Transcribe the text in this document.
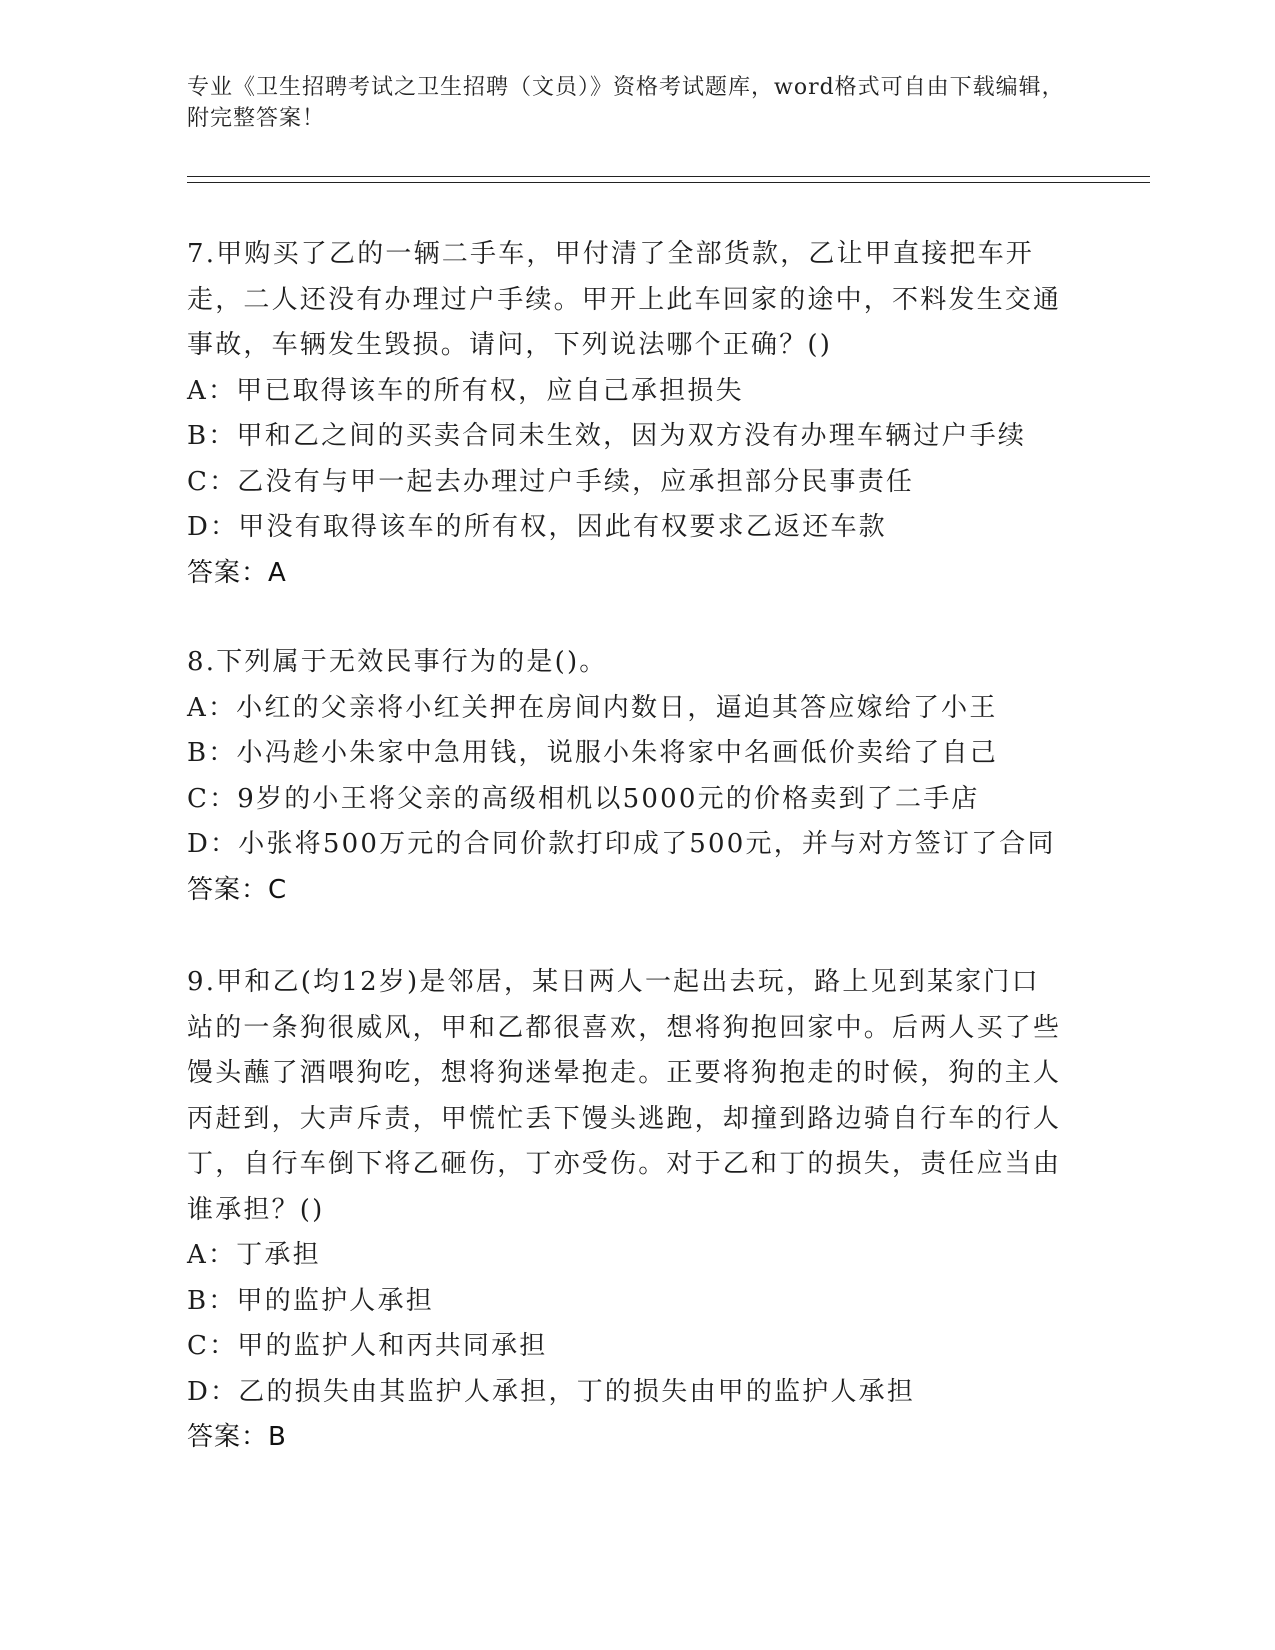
专业《卫生招聘考试之卫生招聘（文员）》资格考试题库，word格式可自由下载编辑，附完整答案！

7.甲购买了乙的一辆二手车，甲付清了全部货款，乙让甲直接把车开走，二人还没有办理过户手续。甲开上此车回家的途中，不料发生交通事故，车辆发生毁损。请问，下列说法哪个正确？()

A：甲已取得该车的所有权，应自己承担损失

B：甲和乙之间的买卖合同未生效，因为双方没有办理车辆过户手续

C：乙没有与甲一起去办理过户手续，应承担部分民事责任

D：甲没有取得该车的所有权，因此有权要求乙返还车款

答案：A

8.下列属于无效民事行为的是()。

A：小红的父亲将小红关押在房间内数日，逼迫其答应嫁给了小王

B：小冯趁小朱家中急用钱，说服小朱将家中名画低价卖给了自己

C：9岁的小王将父亲的高级相机以5000元的价格卖到了二手店

D：小张将500万元的合同价款打印成了500元，并与对方签订了合同

答案：C

9.甲和乙(均12岁)是邻居，某日两人一起出去玩，路上见到某家门口站的一条狗很威风，甲和乙都很喜欢，想将狗抱回家中。后两人买了些馒头蘸了酒喂狗吃，想将狗迷晕抱走。正要将狗抱走的时候，狗的主人丙赶到，大声斥责，甲慌忙丢下馒头逃跑，却撞到路边骑自行车的行人丁，自行车倒下将乙砸伤，丁亦受伤。对于乙和丁的损失，责任应当由谁承担？()

A：丁承担

B：甲的监护人承担

C：甲的监护人和丙共同承担

D：乙的损失由其监护人承担，丁的损失由甲的监护人承担

答案：B
